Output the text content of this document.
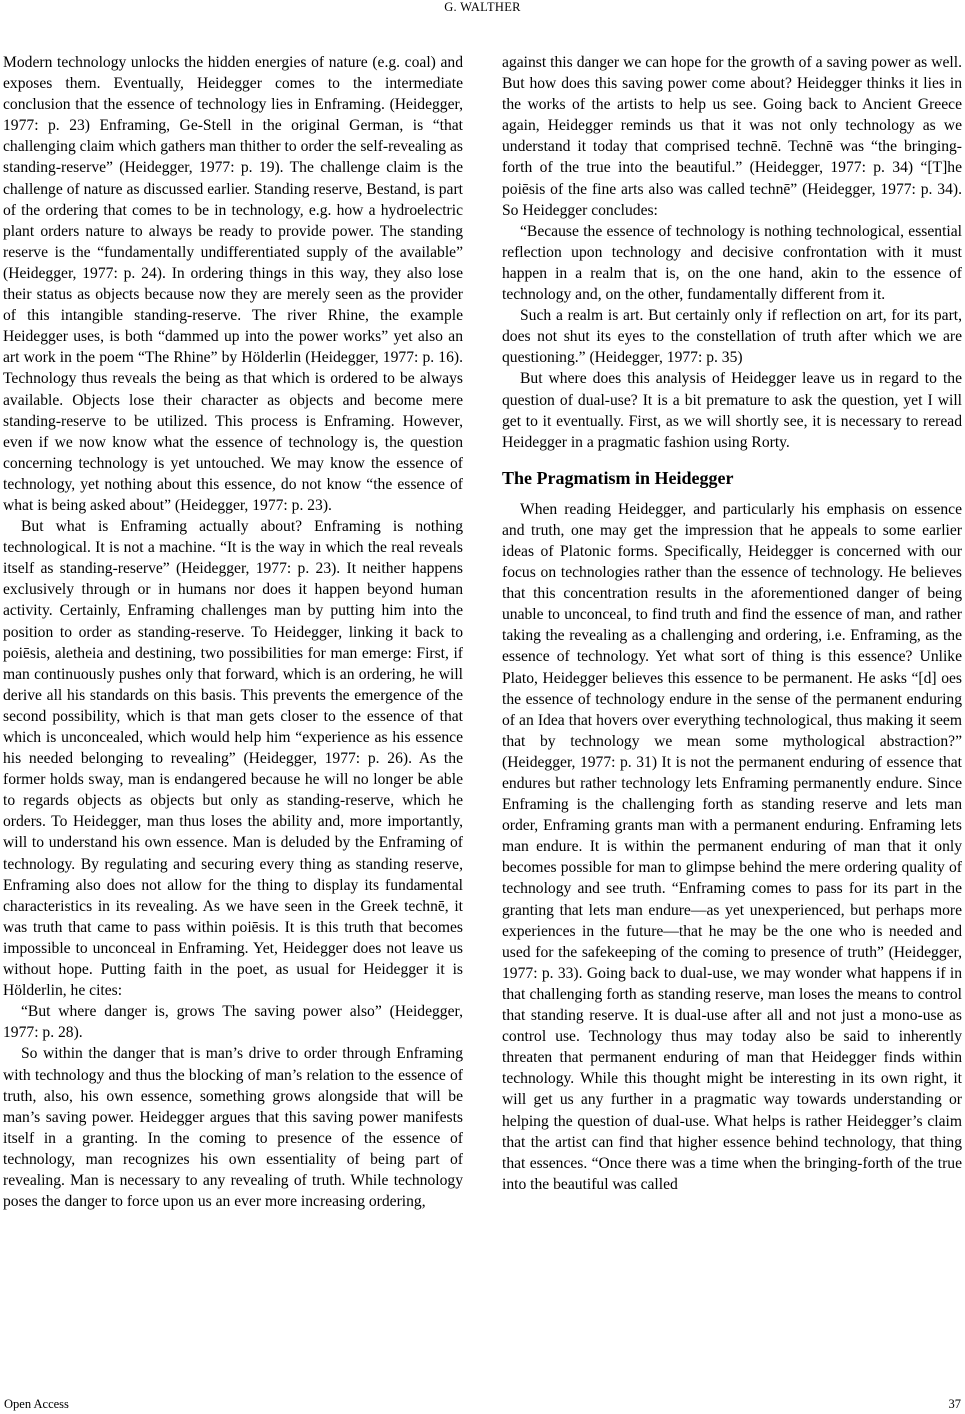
G. WALTHER

Modern technology unlocks the hidden energies of nature (e.g. coal) and exposes them. Eventually, Heidegger comes to the intermediate conclusion that the essence of technology lies in Enframing. (Heidegger, 1977: p. 23) Enframing, Ge-Stell in the original German, is “that challenging claim which gathers man thither to order the self-revealing as standing-reserve” (Heidegger, 1977: p. 19). The challenge claim is the challenge of nature as discussed earlier. Standing reserve, Bestand, is part of the ordering that comes to be in technology, e.g. how a hydroelectric plant orders nature to always be ready to provide power. The standing reserve is the “fundamentally undifferentiated supply of the available” (Heidegger, 1977: p. 24). In ordering things in this way, they also lose their status as objects because now they are merely seen as the provider of this intangible standing-reserve. The river Rhine, the example Heidegger uses, is both “dammed up into the power works” yet also an art work in the poem “The Rhine” by Hölderlin (Heidegger, 1977: p. 16). Technology thus reveals the being as that which is ordered to be always available. Objects lose their character as objects and become mere standing-reserve to be utilized. This process is Enframing. However, even if we now know what the essence of technology is, the question concerning technology is yet untouched. We may know the essence of technology, yet nothing about this essence, do not know “the essence of what is being asked about” (Heidegger, 1977: p. 23).

But what is Enframing actually about? Enframing is nothing technological. It is not a machine. “It is the way in which the real reveals itself as standing-reserve” (Heidegger, 1977: p. 23). It neither happens exclusively through or in humans nor does it happen beyond human activity. Certainly, Enframing challenges man by putting him into the position to order as standing-reserve. To Heidegger, linking it back to poiēsis, aletheia and destining, two possibilities for man emerge: First, if man continuously pushes only that forward, which is an ordering, he will derive all his standards on this basis. This prevents the emergence of the second possibility, which is that man gets closer to the essence of that which is unconcealed, which would help him “experience as his essence his needed belonging to revealing” (Heidegger, 1977: p. 26). As the former holds sway, man is endangered because he will no longer be able to regards objects as objects but only as standing-reserve, which he orders. To Heidegger, man thus loses the ability and, more importantly, will to understand his own essence. Man is deluded by the Enframing of technology. By regulating and securing every thing as standing reserve, Enframing also does not allow for the thing to display its fundamental characteristics in its revealing. As we have seen in the Greek technē, it was truth that came to pass within poiēsis. It is this truth that becomes impossible to unconceal in Enframing. Yet, Heidegger does not leave us without hope. Putting faith in the poet, as usual for Heidegger it is Hölderlin, he cites:

“But where danger is, grows The saving power also” (Heidegger, 1977: p. 28).

So within the danger that is man’s drive to order through Enframing with technology and thus the blocking of man’s relation to the essence of truth, also, his own essence, something grows alongside that will be man’s saving power. Heidegger argues that this saving power manifests itself in a granting. In the coming to presence of the essence of technology, man recognizes his own essentiality of being part of revealing. Man is necessary to any revealing of truth. While technology poses the danger to force upon us an ever more increasing ordering,

against this danger we can hope for the growth of a saving power as well. But how does this saving power come about? Heidegger thinks it lies in the works of the artists to help us see. Going back to Ancient Greece again, Heidegger reminds us that it was not only technology as we understand it today that comprised technē. Technē was “the bringing-forth of the true into the beautiful.” (Heidegger, 1977: p. 34) “[T]he poiēsis of the fine arts also was called technē” (Heidegger, 1977: p. 34). So Heidegger concludes:

“Because the essence of technology is nothing technological, essential reflection upon technology and decisive confrontation with it must happen in a realm that is, on the one hand, akin to the essence of technology and, on the other, fundamentally different from it.

Such a realm is art. But certainly only if reflection on art, for its part, does not shut its eyes to the constellation of truth after which we are questioning.” (Heidegger, 1977: p. 35)

But where does this analysis of Heidegger leave us in regard to the question of dual-use? It is a bit premature to ask the question, yet I will get to it eventually. First, as we will shortly see, it is necessary to reread Heidegger in a pragmatic fashion using Rorty.

The Pragmatism in Heidegger

When reading Heidegger, and particularly his emphasis on essence and truth, one may get the impression that he appeals to some earlier ideas of Platonic forms. Specifically, Heidegger is concerned with our focus on technologies rather than the essence of technology. He believes that this concentration results in the aforementioned danger of being unable to unconceal, to find truth and find the essence of man, and rather taking the revealing as a challenging and ordering, i.e. Enframing, as the essence of technology. Yet what sort of thing is this essence? Unlike Plato, Heidegger believes this essence to be permanent. He asks “[d] oes the essence of technology endure in the sense of the permanent enduring of an Idea that hovers over everything technological, thus making it seem that by technology we mean some mythological abstraction?” (Heidegger, 1977: p. 31) It is not the permanent enduring of essence that endures but rather technology lets Enframing permanently endure. Since Enframing is the challenging forth as standing reserve and lets man order, Enframing grants man with a permanent enduring. Enframing lets man endure. It is within the permanent enduring of man that it only becomes possible for man to glimpse behind the mere ordering quality of technology and see truth. “Enframing comes to pass for its part in the granting that lets man endure—as yet unexperienced, but perhaps more experiences in the future—that he may be the one who is needed and used for the safekeeping of the coming to presence of truth” (Heidegger, 1977: p. 33). Going back to dual-use, we may wonder what happens if in that challenging forth as standing reserve, man loses the means to control that standing reserve. It is dual-use after all and not just a mono-use as control use. Technology thus may today also be said to inherently threaten that permanent enduring of man that Heidegger finds within technology. While this thought might be interesting in its own right, it will get us any further in a pragmatic way towards understanding or helping the question of dual-use. What helps is rather Heidegger’s claim that the artist can find that higher essence behind technology, that thing that essences. “Once there was a time when the bringing-forth of the true into the beautiful was called

Open Access	37
